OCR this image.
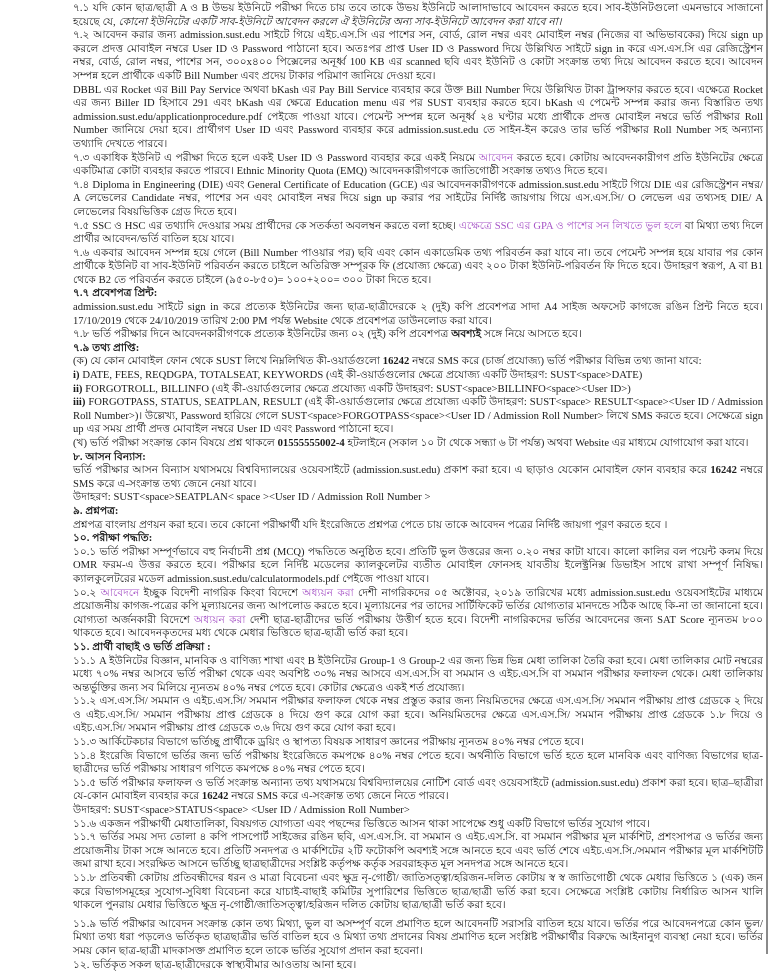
৭.১ যদি কোন ছাত্র/ছাত্রী A ও B উভয় ইউনিটে পরীক্ষা দিতে চায় তবে তাকে উভয় ইউনিটে আলাদাভাবে আবেদন করতে হবে। সাব-ইউনিটগুলো এমনভাবে সাজানো হয়েছে যে, কোনো ইউনিটের একটি সাব-ইউনিটে আবেদন করলে ঐ ইউনিটের অন্য সাব-ইউনিটে আবেদন করা যাবে না।

৭.২ আবেদন করার জন্য admission.sust.edu সাইটে গিয়ে এইচ.এস.সি এর পাশের সন, বোর্ড, রোল নম্বর এবং মোবাইল নম্বর (নিজের বা অভিভাবকের) দিয়ে sign up করলে প্রদত্ত মোবাইল নম্বরে User ID ও Password পাঠানো হবে। অতঃপর প্রাপ্ত User ID ও Password দিয়ে উল্লিখিত সাইটে sign in করে এস.এস.সি এর রেজিস্ট্রেশন নম্বর, বোর্ড, রোল নম্বর, পাশের সন, ৩০০x৪০০ পিক্সেলের অনূর্ধ্ব 100 KB এর scanned ছবি এবং ইউনিট ও কোটা সংক্রান্ত তথ্য দিয়ে আবেদন করতে হবে। আবেদন সম্পন্ন হলে প্রার্থীকে একটি Bill Number এবং প্রদেয় টাকার পরিমাণ জানিয়ে দেওয়া হবে।

DBBL এর Rocket এর Bill Pay Service অথবা bKash এর Pay Bill Service ব্যবহার করে উক্ত Bill Number দিয়ে উল্লিখিত টাকা ট্রান্সফার করতে হবে। এক্ষেত্রে Rocket এর জন্য Biller ID হিসাবে 291 এবং bKash এর ক্ষেত্রে Education menu এর পর SUST ব্যবহার করতে হবে। bKash এ পেমেন্ট সম্পন্ন করার জন্য বিস্তারিত তথ্য admission.sust.edu/applicationprocedure.pdf পেইজে পাওয়া যাবে। পেমেন্ট সম্পন্ন হলে অনূর্ধ্ব ২৪ ঘণ্টার মধ্যে প্রার্থীকে প্রদত্ত মোবাইল নম্বরে ভর্তি পরীক্ষার Roll Number জানিয়ে দেয়া হবে। প্রার্থীগণ User ID এবং Password ব্যবহার করে admission.sust.edu তে সাইন-ইন করেও তার ভর্তি পরীক্ষার Roll Number সহ অন্যান্য তথ্যাদি দেখতে পারবে।

৭.৩ একাধিক ইউনিট এ পরীক্ষা দিতে হলে একই User ID ও Password ব্যবহার করে একই নিয়মে আবেদন করতে হবে। কোটায় আবেদনকারীগণ প্রতি ইউনিটের ক্ষেত্রে একটিমাত্র কোটা ব্যবহার করতে পারবে। Ethnic Minority Quota (EMQ) আবেদনকারীগণকে জাতিগোষ্ঠী সংক্রান্ত তথ্যও দিতে হবে।

৭.৪ Diploma in Engineering (DIE) এবং General Certificate of Education (GCE) এর আবেদনকারীগণকে admission.sust.edu সাইটে গিয়ে DIE এর রেজিস্ট্রেশন নম্বর/ A লেভেলের Candidate নম্বর, পাশের সন এবং মোবাইল নম্বর দিয়ে sign up করার পর সাইটের নির্দিষ্ট জায়গায় গিয়ে এস.এস.সি/ O লেভেল এর তথ্যসহ DIE/ A লেভেলের বিষয়ভিত্তিক গ্রেড দিতে হবে।

৭.৫ SSC ও HSC এর তথ্যাদি দেওয়ার সময় প্রার্থীদের কে সতর্কতা অবলম্বন করতে বলা হচ্ছে। এক্ষেত্রে SSC এর GPA ও পাশের সন লিখতে ভুল হলে বা মিথ্যা তথ্য দিলে প্রার্থীর আবেদন/ভর্তি বাতিল হয়ে যাবে।

৭.৬ একবার আবেদন সম্পন্ন হয়ে গেলে (Bill Number পাওয়ার পর) ছবি এবং কোন একাডেমিক তথ্য পরিবর্তন করা যাবে না। তবে পেমেন্ট সম্পন্ন হয়ে যাবার পর কোন প্রার্থীকে ইউনিট বা সাব-ইউনিট পরিবর্তন করতে চাইলে অতিরিক্ত সম্পূরক ফি (প্রযোজ্য ক্ষেত্রে) এবং ২০০ টাকা ইউনিট-পরিবর্তন ফি দিতে হবে। উদাহরণ স্বরূপ, A বা B1 থেকে B2 তে পরিবর্তন করতে চাইলে (৯৫০-৮৫০)= ১০০+২০০= ৩০০ টাকা দিতে হবে।

৭.৭ প্রবেশপত্র প্রিন্ট:

admission.sust.edu সাইটে sign in করে প্রত্যেক ইউনিটের জন্য ছাত্র-ছাত্রীদেরকে ২ (দুই) কপি প্রবেশপত্র সাদা A4 সাইজ অফসেট কাগজে রঙিন প্রিন্ট নিতে হবে। 17/10/2019 থেকে 24/10/2019 তারিখ 2:00 PM পর্যন্ত Website থেকে প্রবেশপত্র ডাউনলোড করা যাবে।

৭.৮ ভর্তি পরীক্ষার দিনে আবেদনকারীগণকে প্রত্যেক ইউনিটের জন্য ০২ (দুই) কপি প্রবেশপত্র অবশ্যই সঙ্গে নিয়ে আসতে হবে।

৭.৯ তথ্য প্রাপ্তি:

(ক) যে কোন মোবাইল ফোন থেকে SUST লিখে নিম্নলিখিত কী-ওয়ার্ডগুলো 16242 নম্বরে SMS করে (চার্জ প্রযোজ্য) ভর্তি পরীক্ষার বিভিন্ন তথ্য জানা যাবে:

i) DATE, FEES, REQDGPA, TOTALSEAT, KEYWORDS (এই কী-ওয়ার্ডগুলোর ক্ষেত্রে প্রযোজ্য একটি উদাহরণ: SUST<space>DATE)

ii) FORGOTROLL, BILLINFO (এই কী-ওয়ার্ডগুলোর ক্ষেত্রে প্রযোজ্য একটি উদাহরণ: SUST<space>BILLINFO<space><User ID>)

iii) FORGOTPASS, STATUS, SEATPLAN, RESULT (এই কী-ওয়ার্ডগুলোর ক্ষেত্রে প্রযোজ্য একটি উদাহরণ: SUST<space> RESULT<space><User ID / Admission Roll Number>)। উল্লেখ্য, Password হারিয়ে গেলে SUST<space>FORGOTPASS<space><User ID / Admission Roll Number> লিখে SMS করতে হবে। সেক্ষেত্রে sign up এর সময় প্রার্থী প্রদত্ত মোবাইল নম্বরে User ID এবং Password পাঠানো হবে।

(খ) ভর্তি পরীক্ষা সংক্রান্ত কোন বিষয়ে প্রশ্ন থাকলে 01555555002-4 হটলাইনে (সকাল ১০ টা থেকে সন্ধ্যা ৬ টা পর্যন্ত) অথবা Website এর মাধ্যমে যোগাযোগ করা যাবে।

৮. আসন বিন্যাস:

ভর্তি পরীক্ষার আসন বিন্যাস যথাসময়ে বিশ্ববিদ্যালয়ের ওয়েবসাইটে (admission.sust.edu) প্রকাশ করা হবে। এ ছাড়াও যেকোন মোবাইল ফোন ব্যবহার করে 16242 নম্বরে SMS করে এ-সংক্রান্ত তথ্য জেনে নেয়া যাবে।

উদাহরণ: SUST<space>SEATPLAN< space ><User ID / Admission Roll Number >

৯. প্রশ্নপত্র:

প্রশ্নপত্র বাংলায় প্রণয়ন করা হবে। তবে কোনো পরীক্ষার্থী যদি ইংরেজিতে প্রশ্নপত্র পেতে চায় তাকে আবেদন পত্রের নির্দিষ্ট জায়গা পূরণ করতে হবে ।

১০. পরীক্ষা পদ্ধতি:

১০.১ ভর্তি পরীক্ষা সম্পূর্ণভাবে বহু নির্বাচনী প্রশ্ন (MCQ) পদ্ধতিতে অনুষ্ঠিত হবে। প্রতিটি ভুল উত্তরের জন্য ০.২০ নম্বর কাটা যাবে। কালো কালির বল পয়েন্ট কলম দিয়ে OMR ফরম-এ উত্তর করতে হবে। পরীক্ষার হলে নির্দিষ্ট মডেলের ক্যালকুলেটর ব্যতীত মোবাইল ফোনসহ যাবতীয় ইলেক্ট্রনিক্স ডিভাইস সাথে রাখা সম্পূর্ণ নিষিদ্ধ। ক্যালকুলেটরের মডেল admission.sust.edu/calculatormodels.pdf পেইজে পাওয়া যাবে।

১০.২ আবেদনে ইচ্ছুক বিদেশী নাগরিক কিংবা বিদেশে অধ্যয়ন করা দেশী নাগরিকদের ০৫ অক্টোবর, ২০১৯ তারিখের মধ্যে admission.sust.edu ওয়েবসাইটের মাধ্যমে প্রয়োজনীয় কাগজ-পত্রের কপি মূল্যায়নের জন্য আপলোড করতে হবে। মূল্যায়নের পর তাদের সার্টিফিকেট ভর্তির যোগ্যতার মানদন্ডে সঠিক আছে কি-না তা জানানো হবে। যোগ্যতা অর্জনকারী বিদেশে অধ্যয়ন করা দেশী ছাত্র-ছাত্রীদের ভর্তি পরীক্ষায় উত্তীর্ণ হতে হবে। বিদেশী নাগরিকদের ভর্তির আবেদনের জন্য SAT Score ন্যূনতম ৮০০ থাকতে হবে। আবেদনকৃতদের মধ্য থেকে মেধার ভিত্তিতে ছাত্র-ছাত্রী ভর্তি করা হবে।

১১. প্রার্থী বাছাই ও ভর্তি প্রক্রিয়া :

১১.১ A ইউনিটের বিজ্ঞান, মানবিক ও বাণিজ্য শাখা এবং B ইউনিটের Group-1 ও Group-2 এর জন্য ভিন্ন ভিন্ন মেধা তালিকা তৈরি করা হবে। মেধা তালিকার মোট নম্বরের মধ্যে ৭০% নম্বর আসবে ভর্তি পরীক্ষা থেকে এবং অবশিষ্ট ৩০% নম্বর আসবে এস.এস.সি বা সমমান ও এইচ.এস.সি বা সমমান পরীক্ষার ফলাফল থেকে। মেধা তালিকায় অন্তর্ভুক্তির জন্য সব মিলিয়ে ন্যূনতম ৪০% নম্বর পেতে হবে। কোটার ক্ষেত্রেও একই শর্ত প্রযোজ্য।

১১.২ এস.এস.সি/ সমমান ও এইচ.এস.সি/ সমমান পরীক্ষার ফলাফল থেকে নম্বর প্রস্তুত করার জন্য নিয়মিতদের ক্ষেত্রে এস.এস.সি/ সমমান পরীক্ষায় প্রাপ্ত গ্রেডকে ২ দিয়ে ও এইচ.এস.সি/ সমমান পরীক্ষায় প্রাপ্ত গ্রেডকে ৪ দিয়ে গুণ করে যোগ করা হবে। অনিয়মিতদের ক্ষেত্রে এস.এস.সি/ সমমান পরীক্ষায় প্রাপ্ত গ্রেডকে ১.৮ দিয়ে ও এইচ.এস.সি/ সমমান পরীক্ষায় প্রাপ্ত গ্রেডকে ৩.৬ দিয়ে গুণ করে যোগ করা হবে।

১১.৩ আর্কিটেকচার বিভাগে ভর্তিচ্ছু প্রার্থীকে ড্রয়িং ও স্থাপত্য বিষয়ক সাধারণ জ্ঞানের পরীক্ষায় ন্যূনতম ৪০% নম্বর পেতে হবে।

১১.৪ ইংরেজি বিভাগে ভর্তির জন্য ভর্তি পরীক্ষায় ইংরেজিতে কমপক্ষে ৪০% নম্বর পেতে হবে। অর্থনীতি বিভাগে ভর্তি হতে হলে মানবিক এবং বাণিজ্য বিভাগের ছাত্র-ছাত্রীদের ভর্তি পরীক্ষায় সাধারণ গণিতে কমপক্ষে ৪০% নম্বর পেতে হবে।

১১.৫ ভর্তি পরীক্ষার ফলাফল ও ভর্তি সংক্রান্ত অন্যান্য তথ্য যথাসময়ে বিশ্ববিদ্যালয়ের নোটিশ বোর্ড এবং ওয়েবসাইটে (admission.sust.edu) প্রকাশ করা হবে। ছাত্র–ছাত্রীরা যে-কোন মোবাইল ব্যবহার করে 16242 নম্বরে SMS করে এ-সংক্রান্ত তথ্য জেনে নিতে পারবে।

উদাহরণ: SUST<space>STATUS<space> <User ID / Admission Roll Number>

১১.৬ একজন পরীক্ষার্থী মেধাতালিকা, বিষয়গত যোগ্যতা এবং পছন্দের ভিত্তিতে আসন থাকা সাপেক্ষে শুধু একটি বিভাগে ভর্তির সুযোগ পাবে।

১১.৭ ভর্তির সময় সদ্য তোলা ৪ কপি পাসপোর্ট সাইজের রঙিন ছবি, এস.এস.সি. বা সমমান ও এইচ.এস.সি. বা সমমান পরীক্ষার মূল মার্কশিট, প্রশংসাপত্র ও ভর্তির জন্য প্রয়োজনীয় টাকা সঙ্গে আনতে হবে। প্রতিটি সনদপত্র ও মার্কশিটের ২টি ফটোকপি অবশ্যই সঙ্গে আনতে হবে এবং ভর্তি শেষে এইচ.এস.সি./সমমান পরীক্ষার মূল মার্কশিটটি জমা রাখা হবে। সংরক্ষিত আসনে ভর্তিচ্ছু ছাত্রছাত্রীদের সংশ্লিষ্ট কর্তৃপক্ষ কর্তৃক সরবরাহকৃত মূল সনদপত্র সঙ্গে আনতে হবে।

১১.৮ প্রতিবন্ধী কোটায় প্রতিবন্ধীদের ধরন ও মাত্রা বিবেচনা এবং ক্ষুদ্র নৃ-গোষ্ঠী/ জাতিসত্ত্বা/হরিজন-দলিত কোটায় স্ব স্ব জাতিগোষ্ঠী থেকে মেধার ভিত্তিতে ১ (এক) জন করে বিভাগসমূহের সুযোগ-সুবিধা বিবেচনা করে যাচাই-বাছাই কমিটির সুপারিশের ভিত্তিতে ছাত্র/ছাত্রী ভর্তি করা হবে। সেক্ষেত্রে সংশ্লিষ্ট কোটায় নির্ধারিত আসন খালি থাকলে পুনরায় মেধার ভিত্তিতে ক্ষুদ্র নৃ-গোষ্ঠী/জাতিসত্ত্বা/হরিজন দলিত কোটায় ছাত্র/ছাত্রী ভর্তি করা হবে।

১১.৯ ভর্তি পরীক্ষার আবেদন সংক্রান্ত কোন তথ্য মিথ্যা, ভুল বা অসম্পূর্ণ বলে প্রমাণিত হলে আবেদনটি সরাসরি বাতিল হয়ে যাবে। ভর্তির পরে আবেদনপত্রে কোন ভুল/ মিথ্যা তথ্য ধরা পড়লেও ভর্তিকৃত ছাত্রছাত্রীর ভর্তি বাতিল হবে ও মিথ্যা তথ্য প্রদানের বিষয় প্রমাণিত হলে সংশ্লিষ্ট পরীক্ষার্থীর বিরুদ্ধে আইনানুগ ব্যবস্থা নেয়া হবে। ভর্তির সময় কোন ছাত্র-ছাত্রী মাদকাসক্ত প্রমাণিত হলে তাকে ভর্তির সুযোগ প্রদান করা হবেনা।

১২. ভর্তিকৃত সকল ছাত্র-ছাত্রীদেরকে স্বাস্থ্যবীমার আওতায় আনা হবে।
